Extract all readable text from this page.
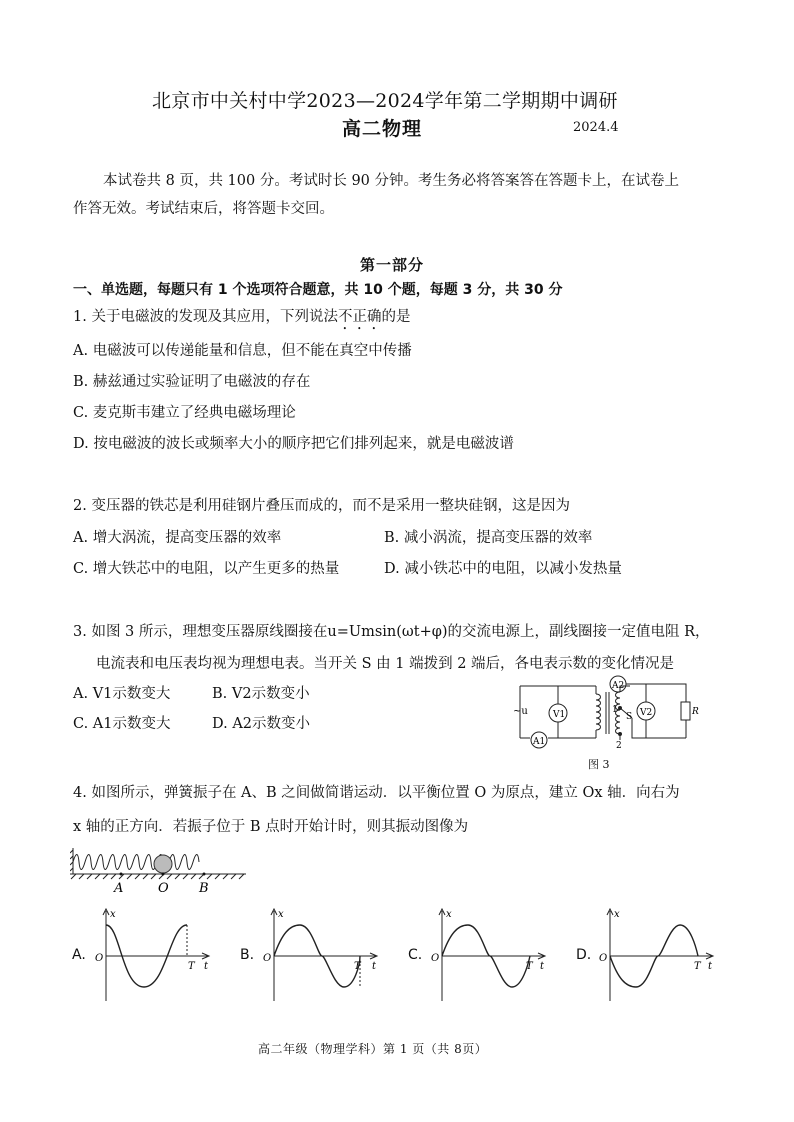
北京市中关村中学2023—2024学年第二学期期中调研
高二物理	2024.4
本试卷共 8 页，共 100 分。考试时长 90 分钟。考生务必将答案答在答题卡上，在试卷上
作答无效。考试结束后，将答题卡交回。
第一部分
一、单选题，每题只有 1 个选项符合题意，共 10 个题，每题 3 分，共 30 分
1. 关于电磁波的发现及其应用，下列说法不正确的是
A. 电磁波可以传递能量和信息，但不能在真空中传播
B. 赫兹通过实验证明了电磁波的存在
C. 麦克斯韦建立了经典电磁场理论
D. 按电磁波的波长或频率大小的顺序把它们排列起来，就是电磁波谱
2. 变压器的铁芯是利用硅钢片叠压而成的，而不是采用一整块硅钢，这是因为
A. 增大涡流，提高变压器的效率	B. 减小涡流，提高变压器的效率
C. 增大铁芯中的电阻，以产生更多的热量	D. 减小铁芯中的电阻，以减小发热量
3. 如图 3 所示，理想变压器原线圈接在u=Umsin(ωt+φ)的交流电源上，副线圈接一定值电阻 R，
电流表和电压表均视为理想电表。当开关 S 由 1 端拨到 2 端后，各电表示数的变化情况是
A. V1示数变大	B. V2示数变小
C. A1示数变大	D. A2示数变小
~u	V1
A1
A2
V2
S
1
2
R
图 3
4. 如图所示，弹簧振子在 A、B 之间做简谐运动．以平衡位置 O 为原点，建立 Ox 轴．向右为
x 轴的正方向．若振子位于 B 点时开始计时，则其振动图像为
A	O B
A.
x
O
T t
B.
x
O
T t
C.
x
O
T t
D.
x
O
T t
高二年级（物理学科）第 1 页（共 8页）
